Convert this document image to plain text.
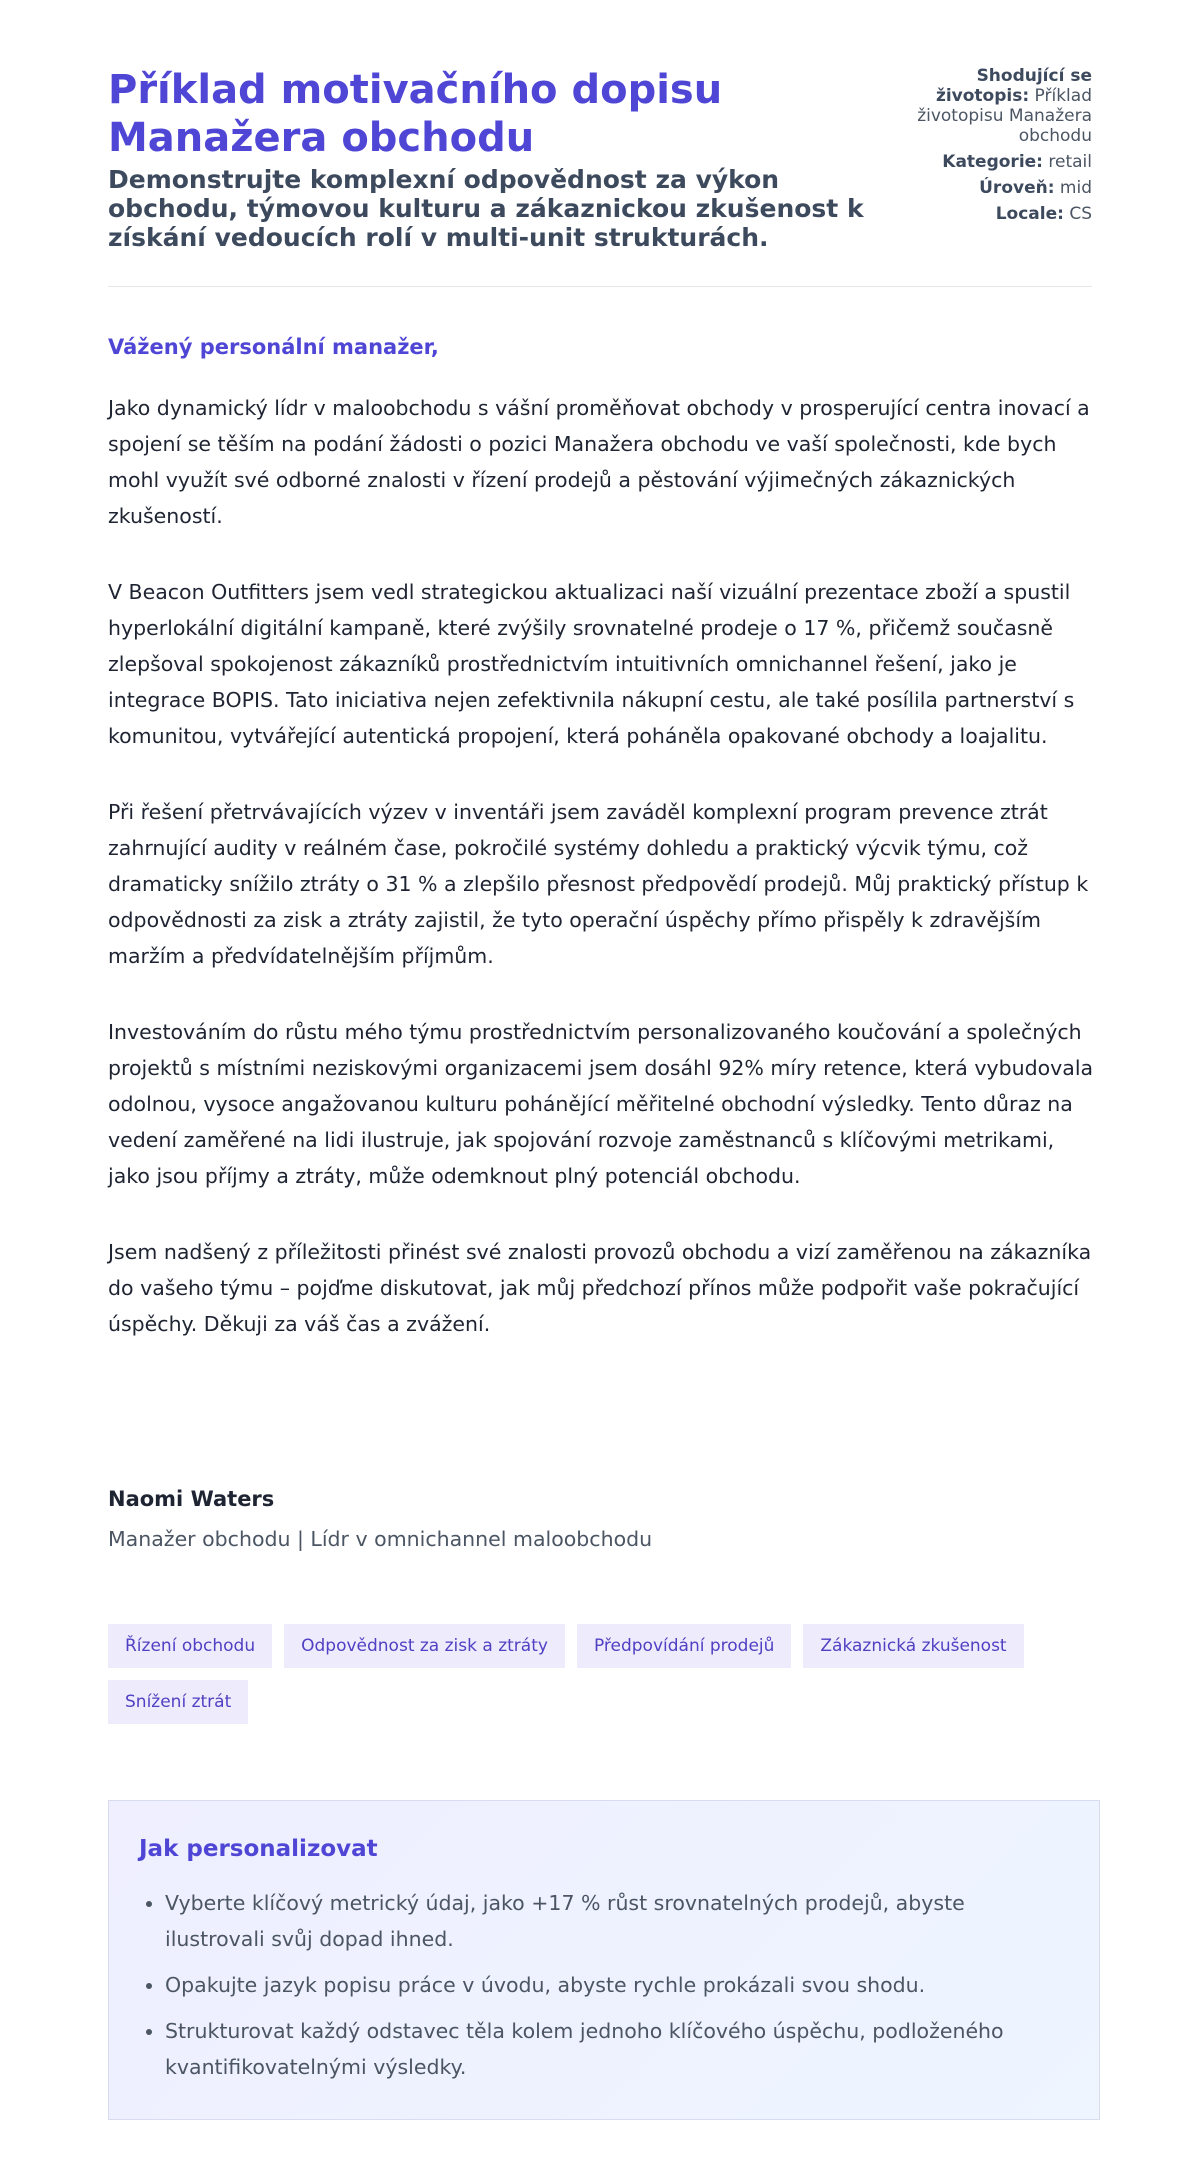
Příklad motivačního dopisu Manažera obchodu
Demonstrujte komplexní odpovědnost za výkon obchodu, týmovou kulturu a zákaznickou zkušenost k získání vedoucích rolí v multi-unit strukturách.
Shodující se životopis: Příklad životopisu Manažera obchodu
Kategorie: retail
Úroveň: mid
Locale: CS
Vážený personální manažer,

Jako dynamický lídr v maloobchodu s vášní proměňovat obchody v prosperující centra inovací a spojení se těším na podání žádosti o pozici Manažera obchodu ve vaší společnosti, kde bych mohl využít své odborné znalosti v řízení prodejů a pěstování výjimečných zákaznických zkušeností.

V Beacon Outfitters jsem vedl strategickou aktualizaci naší vizuální prezentace zboží a spustil hyperlokální digitální kampaně, které zvýšily srovnatelné prodeje o 17 %, přičemž současně zlepšoval spokojenost zákazníků prostřednictvím intuitivních omnichannel řešení, jako je integrace BOPIS. Tato iniciativa nejen zefektivnila nákupní cestu, ale také posílila partnerství s komunitou, vytvářející autentická propojení, která poháněla opakované obchody a loajalitu.

Při řešení přetrvávajících výzev v inventáři jsem zaváděl komplexní program prevence ztrát zahrnující audity v reálném čase, pokročilé systémy dohledu a praktický výcvik týmu, což dramaticky snížilo ztráty o 31 % a zlepšilo přesnost předpovědí prodejů. Můj praktický přístup k odpovědnosti za zisk a ztráty zajistil, že tyto operační úspěchy přímo přispěly k zdravějším maržím a předvídatelnějším příjmům.

Investováním do růstu mého týmu prostřednictvím personalizovaného koučování a společných projektů s místními neziskovými organizacemi jsem dosáhl 92% míry retence, která vybudovala odolnou, vysoce angažovanou kulturu pohánějící měřitelné obchodní výsledky. Tento důraz na vedení zaměřené na lidi ilustruje, jak spojování rozvoje zaměstnanců s klíčovými metrikami, jako jsou příjmy a ztráty, může odemknout plný potenciál obchodu.

Jsem nadšený z příležitosti přinést své znalosti provozů obchodu a vizí zaměřenou na zákazníka do vašeho týmu – pojďme diskutovat, jak můj předchozí přínos může podpořit vaše pokračující úspěchy. Děkuji za váš čas a zvážení.

Naomi Waters
Manažer obchodu | Lídr v omnichannel maloobchodu
Řízení obchodu	Odpovědnost za zisk a ztráty	Předpovídání prodejů	Zákaznická zkušenost
Snížení ztrát
Jak personalizovat
• Vyberte klíčový metrický údaj, jako +17 % růst srovnatelných prodejů, abyste ilustrovali svůj dopad ihned.
• Opakujte jazyk popisu práce v úvodu, abyste rychle prokázali svou shodu.
• Strukturovat každý odstavec těla kolem jednoho klíčového úspěchu, podloženého kvantifikovatelnými výsledky.
